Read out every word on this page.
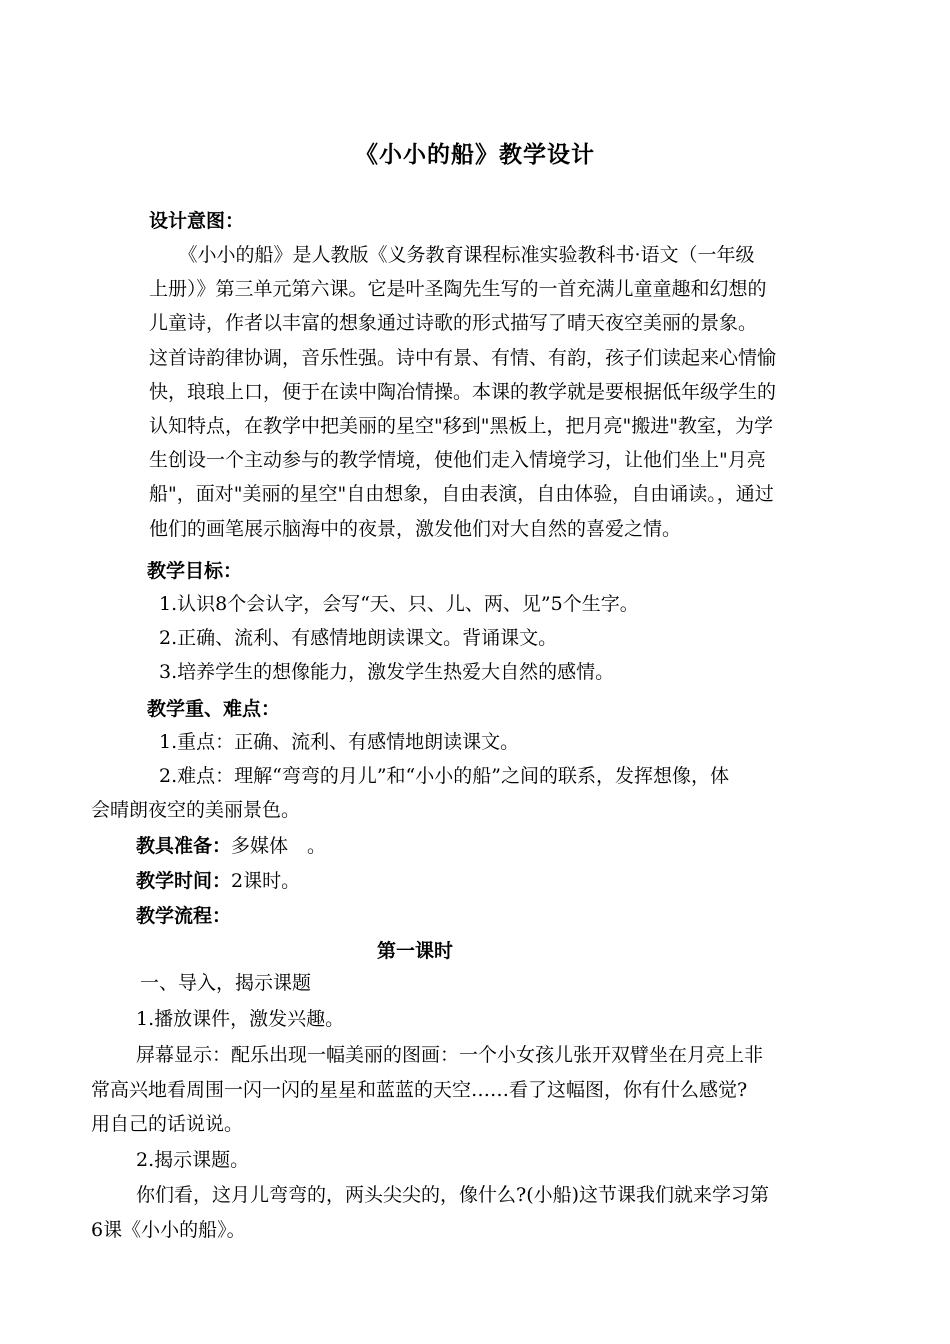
《小小的船》教学设计
设计意图：
　《小小的船》是人教版《义务教育课程标准实验教科书·语文（一年级
上册）》第三单元第六课。它是叶圣陶先生写的一首充满儿童童趣和幻想的
儿童诗，作者以丰富的想象通过诗歌的形式描写了晴天夜空美丽的景象。
这首诗韵律协调，音乐性强。诗中有景、有情、有韵，孩子们读起来心情愉
快，琅琅上口，便于在读中陶冶情操。本课的教学就是要根据低年级学生的
认知特点，在教学中把美丽的星空"移到"黑板上，把月亮"搬进"教室，为学
生创设一个主动参与的教学情境，使他们走入情境学习，让他们坐上"月亮
船"，面对"美丽的星空"自由想象，自由表演，自由体验，自由诵读。，通过
他们的画笔展示脑海中的夜景，激发他们对大自然的喜爱之情。
教学目标：
1.认识8个会认字，会写“天、只、儿、两、见”5个生字。
2.正确、流利、有感情地朗读课文。背诵课文。
3.培养学生的想像能力，激发学生热爱大自然的感情。
教学重、难点：
1.重点：正确、流利、有感情地朗读课文。
2.难点：理解“弯弯的月儿”和“小小的船”之间的联系，发挥想像，体
会晴朗夜空的美丽景色。
教具准备：多媒体　。
教学时间：2课时。
教学流程：
第一课时
一、导入，揭示课题
1.播放课件，激发兴趣。
屏幕显示：配乐出现一幅美丽的图画：一个小女孩儿张开双臂坐在月亮上非
常高兴地看周围一闪一闪的星星和蓝蓝的天空……看了这幅图，你有什么感觉?
用自己的话说说。
2.揭示课题。
你们看，这月儿弯弯的，两头尖尖的，像什么?(小船)这节课我们就来学习第
6课《小小的船》。
